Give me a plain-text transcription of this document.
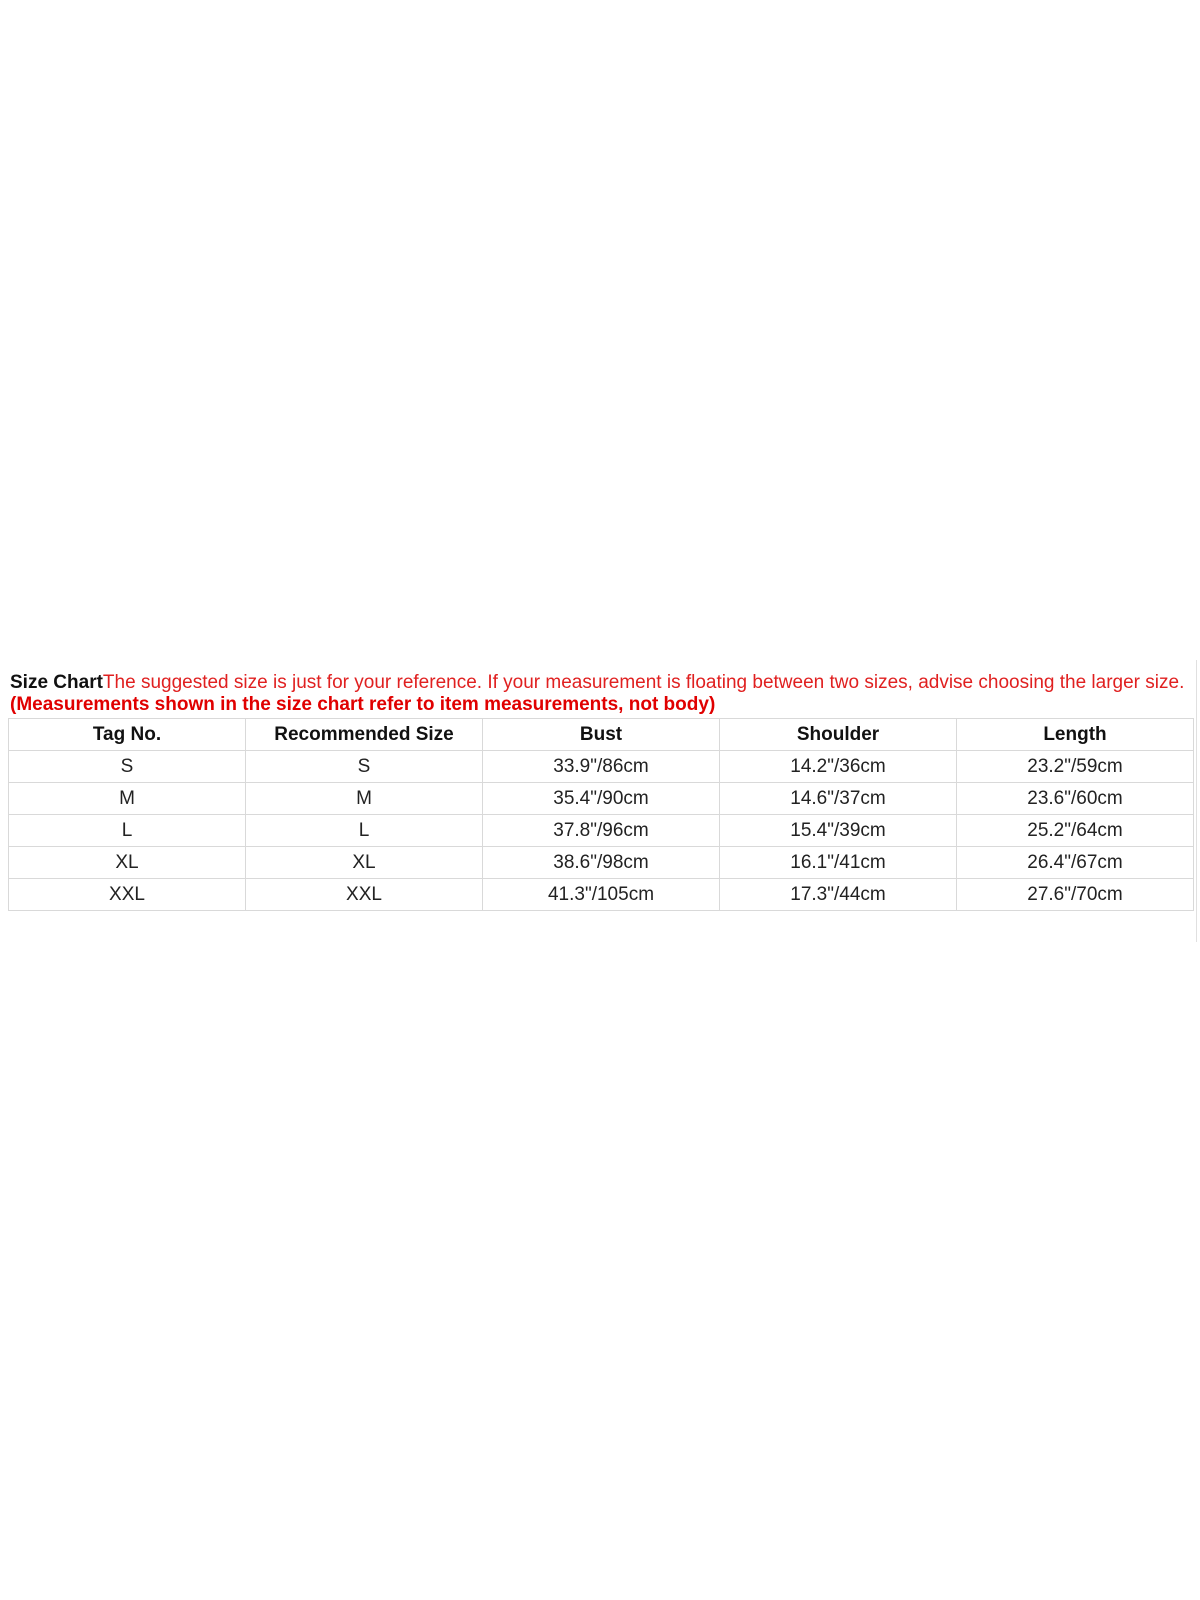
Size ChartThe suggested size is just for your reference. If your measurement is floating between two sizes, advise choosing the larger size. (Measurements shown in the size chart refer to item measurements, not body)
Tag No.	Recommended Size	Bust	Shoulder	Length
S	S	33.9"/86cm	14.2"/36cm	23.2"/59cm
M	M	35.4"/90cm	14.6"/37cm	23.6"/60cm
L	L	37.8"/96cm	15.4"/39cm	25.2"/64cm
XL	XL	38.6"/98cm	16.1"/41cm	26.4"/67cm
XXL	XXL	41.3"/105cm	17.3"/44cm	27.6"/70cm
